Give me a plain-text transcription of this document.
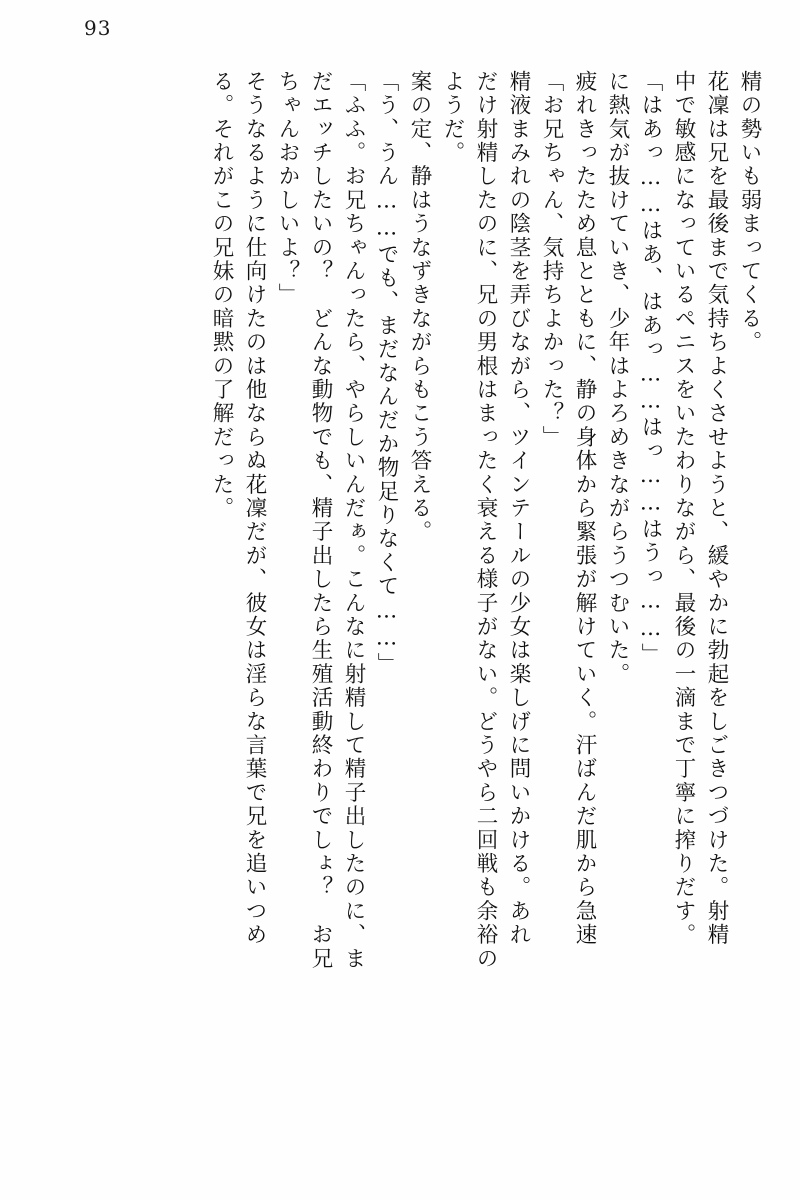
93
精の勢いも弱まってくる。
花凜は兄を最後まで気持ちよくさせようと、緩やかに勃起をしごきつづけた。射精
中で敏感になっているペニスをいたわりながら、最後の一滴まで丁寧に搾りだす。
「はあっ……はあ、はあっ……はっ……はうっ……」
に熱気が抜けていき、少年はよろめきながらうつむいた。
疲れきったため息とともに、静の身体から緊張が解けていく。汗ばんだ肌から急速
「お兄ちゃん、気持ちよかった？」
精液まみれの陰茎を弄びながら、ツインテールの少女は楽しげに問いかける。あれ
だけ射精したのに、兄の男根はまったく衰える様子がない。どうやら二回戦も余裕の
ようだ。
案の定、静はうなずきながらもこう答える。
「う、うん……でも、まだなんだか物足りなくて……」
「ふふ。お兄ちゃんったら、やらしいんだぁ。こんなに射精して精子出したのに、ま
だエッチしたいの？　どんな動物でも、精子出したら生殖活動終わりでしょ？　お兄
ちゃんおかしいよ？」
そうなるように仕向けたのは他ならぬ花凜だが、彼女は淫らな言葉で兄を追いつめ
る。それがこの兄妹の暗黙の了解だった。
